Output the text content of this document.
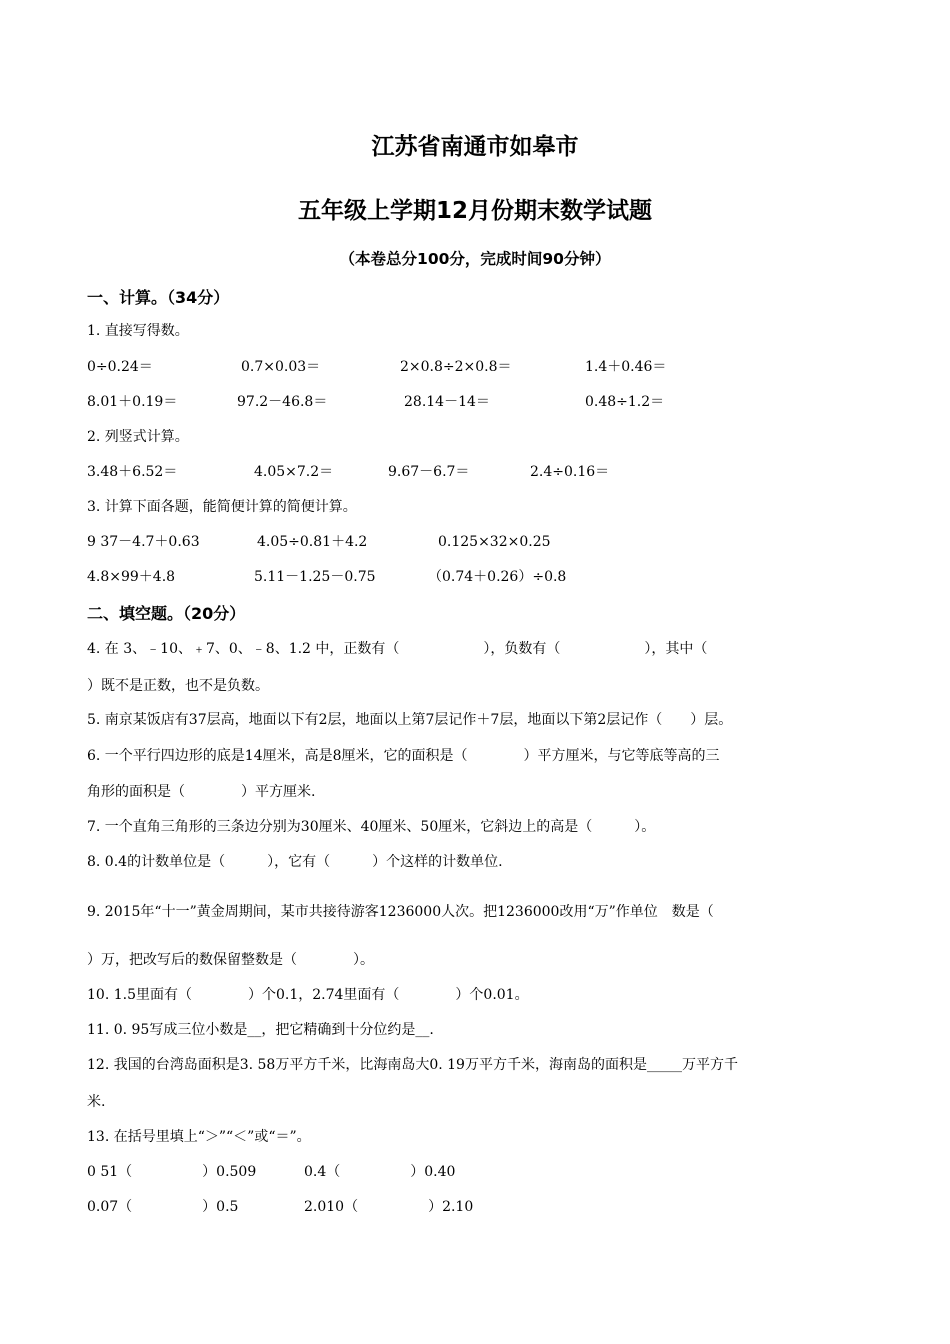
江苏省南通市如皋市
五年级上学期12月份期末数学试题
（本卷总分100分，完成时间90分钟）
一、计算。（34分）
1. 直接写得数。
0÷0.24＝	0.7×0.03＝	2×0.8÷2×0.8＝	1.4＋0.46＝
8.01＋0.19＝	97.2－46.8＝	28.14－14＝	0.48÷1.2＝
2. 列竖式计算。
3.48＋6.52＝	4.05×7.2＝	9.67－6.7＝	2.4÷0.16＝
3. 计算下面各题，能简便计算的简便计算。
9 37－4.7＋0.63	4.05÷0.81＋4.2	0.125×32×0.25
4.8×99＋4.8	5.11－1.25－0.75	（0.74＋0.26）÷0.8
二、填空题。（20分）
4. 在 3、﹣10、﹢7、0、﹣8、1.2 中，正数有（　　　　　　），负数有（　　　　　　），其中（
）既不是正数，也不是负数。
5. 南京某饭店有37层高，地面以下有2层，地面以上第7层记作＋7层，地面以下第2层记作（　　）层。
6. 一个平行四边形的底是14厘米，高是8厘米，它的面积是（　　　　）平方厘米，与它等底等高的三
角形的面积是（　　　　）平方厘米.
7. 一个直角三角形的三条边分别为30厘米、40厘米、50厘米，它斜边上的高是（　　　）。
8. 0.4的计数单位是（　　　），它有（　　　）个这样的计数单位.
9. 2015年“十一”黄金周期间，某市共接待游客1236000人次。把1236000改用“万”作单位　数是（
）万，把改写后的数保留整数是（　　　　）。
10. 1.5里面有（　　　　）个0.1，2.74里面有（　　　　）个0.01。
11. 0. 95写成三位小数是__，把它精确到十分位约是__.
12. 我国的台湾岛面积是3. 58万平方千米，比海南岛大0. 19万平方千米，海南岛的面积是_____万平方千
米.
13. 在括号里填上“＞”“＜”或“＝”。
0 51（　　　　　）0.509	0.4（　　　　　）0.40
0.07（　　　　　）0.5	2.010（　　　　　）2.10
